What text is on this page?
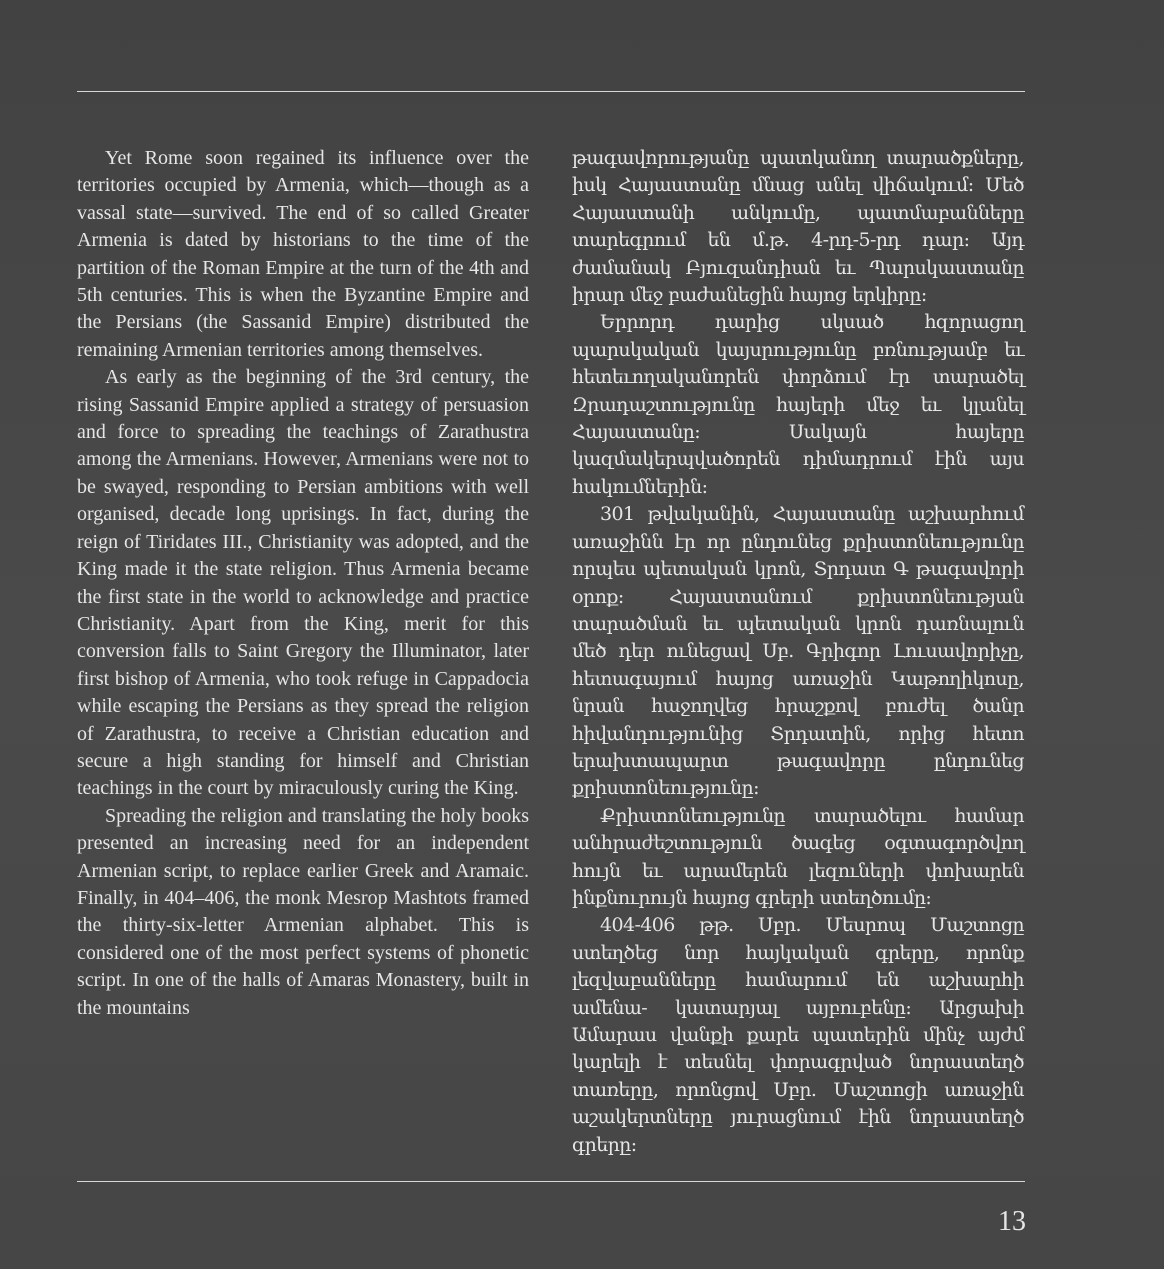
Yet Rome soon regained its influence over the territories occupied by Armenia, which—though as a vassal state—survived. The end of so called Greater Armenia is dated by historians to the time of the partition of the Roman Empire at the turn of the 4th and 5th centuries. This is when the Byzantine Empire and the Persians (the Sassanid Empire) distributed the remaining Armenian territories among themselves.

As early as the beginning of the 3rd century, the rising Sassanid Empire applied a strategy of persuasion and force to spreading the teachings of Zarathustra among the Armenians. However, Armenians were not to be swayed, responding to Persian ambitions with well organised, decade long uprisings. In fact, during the reign of Tiridates III., Christianity was adopted, and the King made it the state religion. Thus Armenia became the first state in the world to acknowledge and practice Christianity. Apart from the King, merit for this conversion falls to Saint Gregory the Illuminator, later first bishop of Armenia, who took refuge in Cappadocia while escaping the Persians as they spread the religion of Zarathustra, to receive a Christian education and secure a high standing for himself and Christian teachings in the court by miraculously curing the King.

Spreading the religion and translating the holy books presented an increasing need for an independent Armenian script, to replace earlier Greek and Aramaic. Finally, in 404–406, the monk Mesrop Mashtots framed the thirty-six-letter Armenian alphabet. This is considered one of the most perfect systems of phonetic script. In one of the halls of Amaras Monastery, built in the mountains

թագավորությանը պատկանող տարածքները, իսկ Հայաստանը մնաց անել վիճակում: Մեծ Հայաստանի անկումը, պատմաբանները տարեգրում են մ.թ. 4-րդ-5-րդ դար: Այդ ժամանակ Բյուզանդիան եւ Պարսկաստանը իրար մեջ բաժանեցին հայոց երկիրը:

Երրորդ դարից սկսած հզորացող պարսկական կայսրությունը բռնությամբ եւ հետեւողականորեն փորձում էր տարածել Զրադաշտությունը հայերի մեջ եւ կլանել Հայաստանը: Սակայն հայերը կազմակերպվածորեն դիմադրում էին այս հակումներին:

301 թվականին, Հայաստանը աշխարհում առաջինն էր որ ընդունեց քրիստոնեությունը որպես պետական կրոն, Տրդատ Գ թագավորի օրոք: Հայաստանում քրիստոնեության տարածման եւ պետական կրոն դառնալուն մեծ դեր ունեցավ Սբ. Գրիգոր Լուսավորիչը, հետագայում հայոց առաջին Կաթողիկոսը, նրան հաջողվեց հրաշքով բուժել ծանր հիվանդությունից Տրդատին, որից հետո երախտապարտ թագավորը ընդունեց քրիստոնեությունը:

Քրիստոնեությունը տարածելու համար անհրաժեշտություն ծագեց օգտագործվող հույն եւ արամերեն լեզուների փոխարեն ինքնուրույն հայոց գրերի ստեղծումը:

404-406 թթ. Սբր. Մեսրոպ Մաշտոցը ստեղծեց նոր հայկական գրերը, որոնք լեզվաբանները համարում են աշխարհի ամենա- կատարյալ այբուբենը: Արցախի Ամարաս վանքի քարե պատերին մինչ այժմ կարելի է տեսնել փորագրված նորաստեղծ տառերը, որոնցով Սբր. Մաշտոցի առաջին աշակերտները յուրացնում էին նորաստեղծ գրերը:

13
